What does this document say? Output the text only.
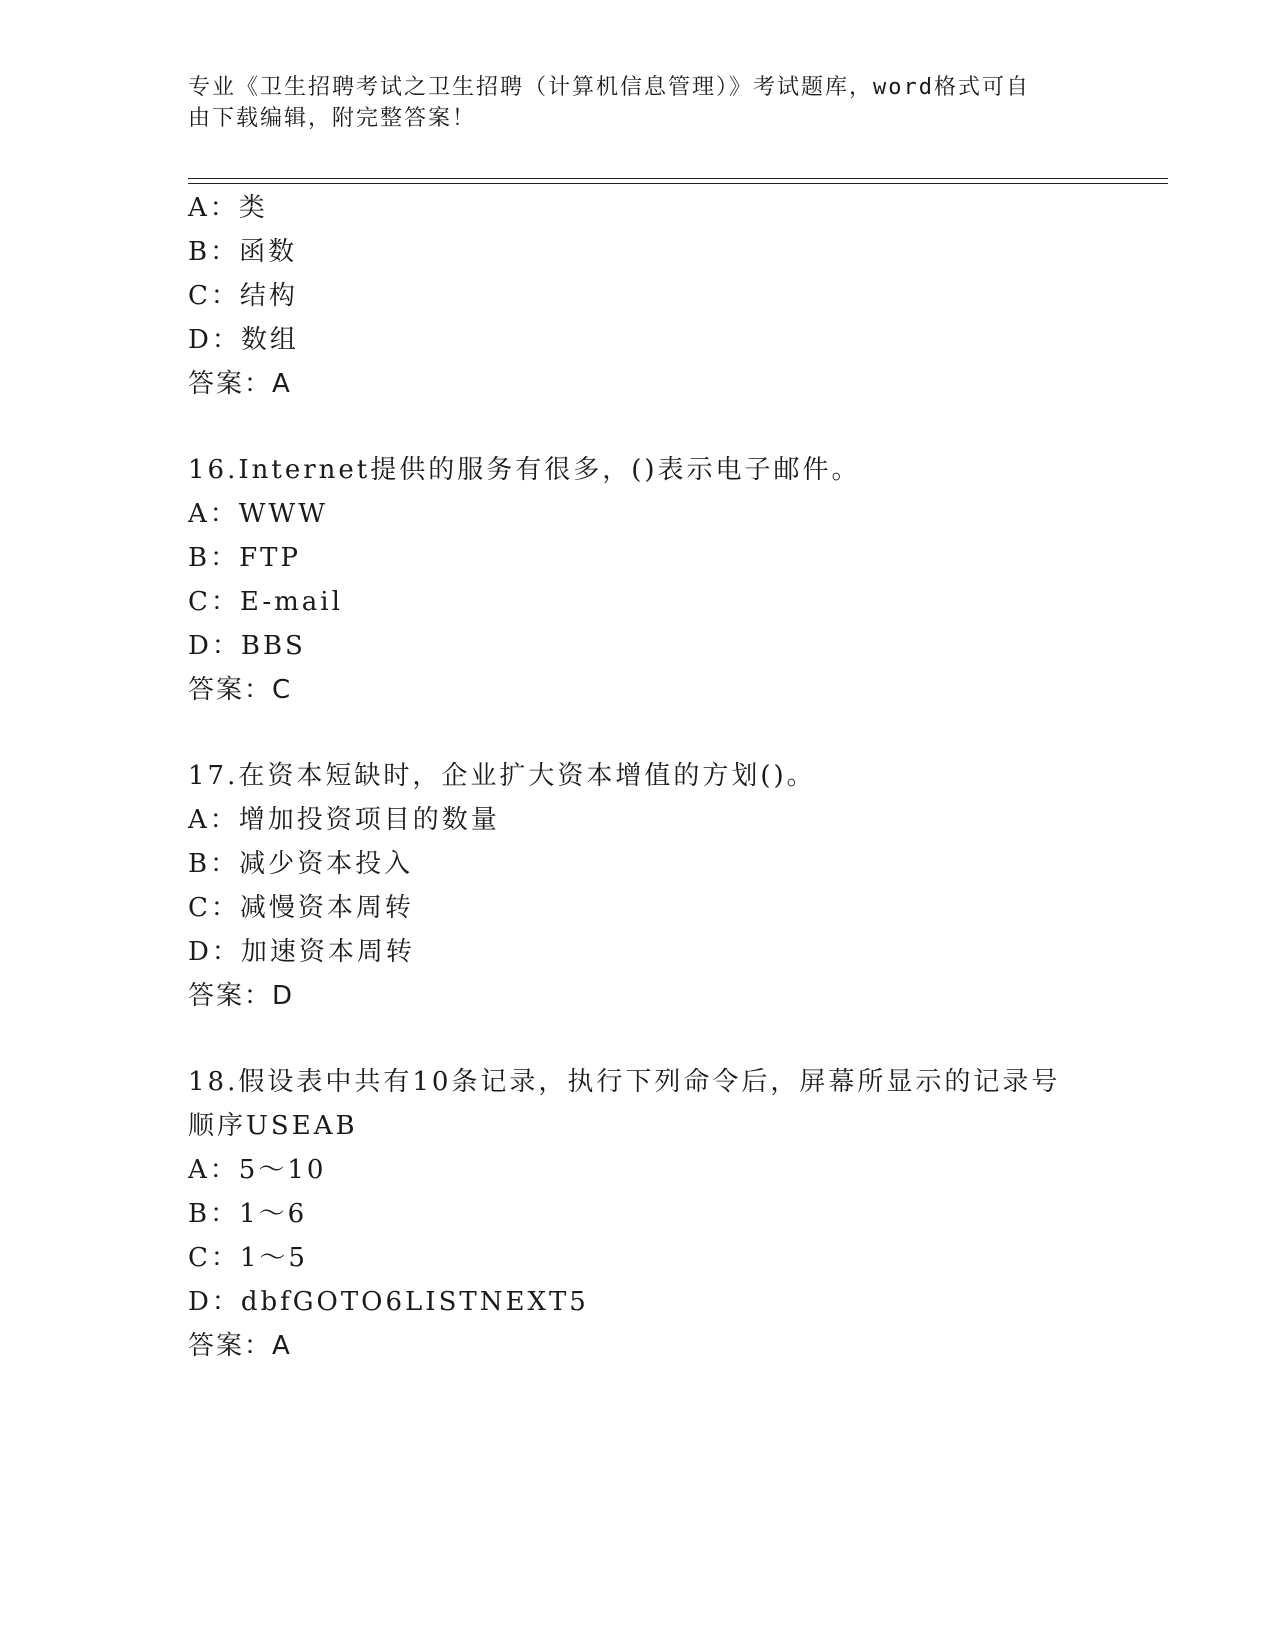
专业《卫生招聘考试之卫生招聘（计算机信息管理）》考试题库，word格式可自
由下载编辑，附完整答案！
A：类
B：函数
C：结构
D：数组
答案：A
16.Internet提供的服务有很多，()表示电子邮件。
A：WWW
B：FTP
C：E-mail
D：BBS
答案：C
17.在资本短缺时，企业扩大资本增值的方划()。
A：增加投资项目的数量
B：减少资本投入
C：减慢资本周转
D：加速资本周转
答案：D
18.假设表中共有10条记录，执行下列命令后，屏幕所显示的记录号
顺序USEAB
A：5～10
B：1～6
C：1～5
D：dbfGOTO6LISTNEXT5
答案：A
